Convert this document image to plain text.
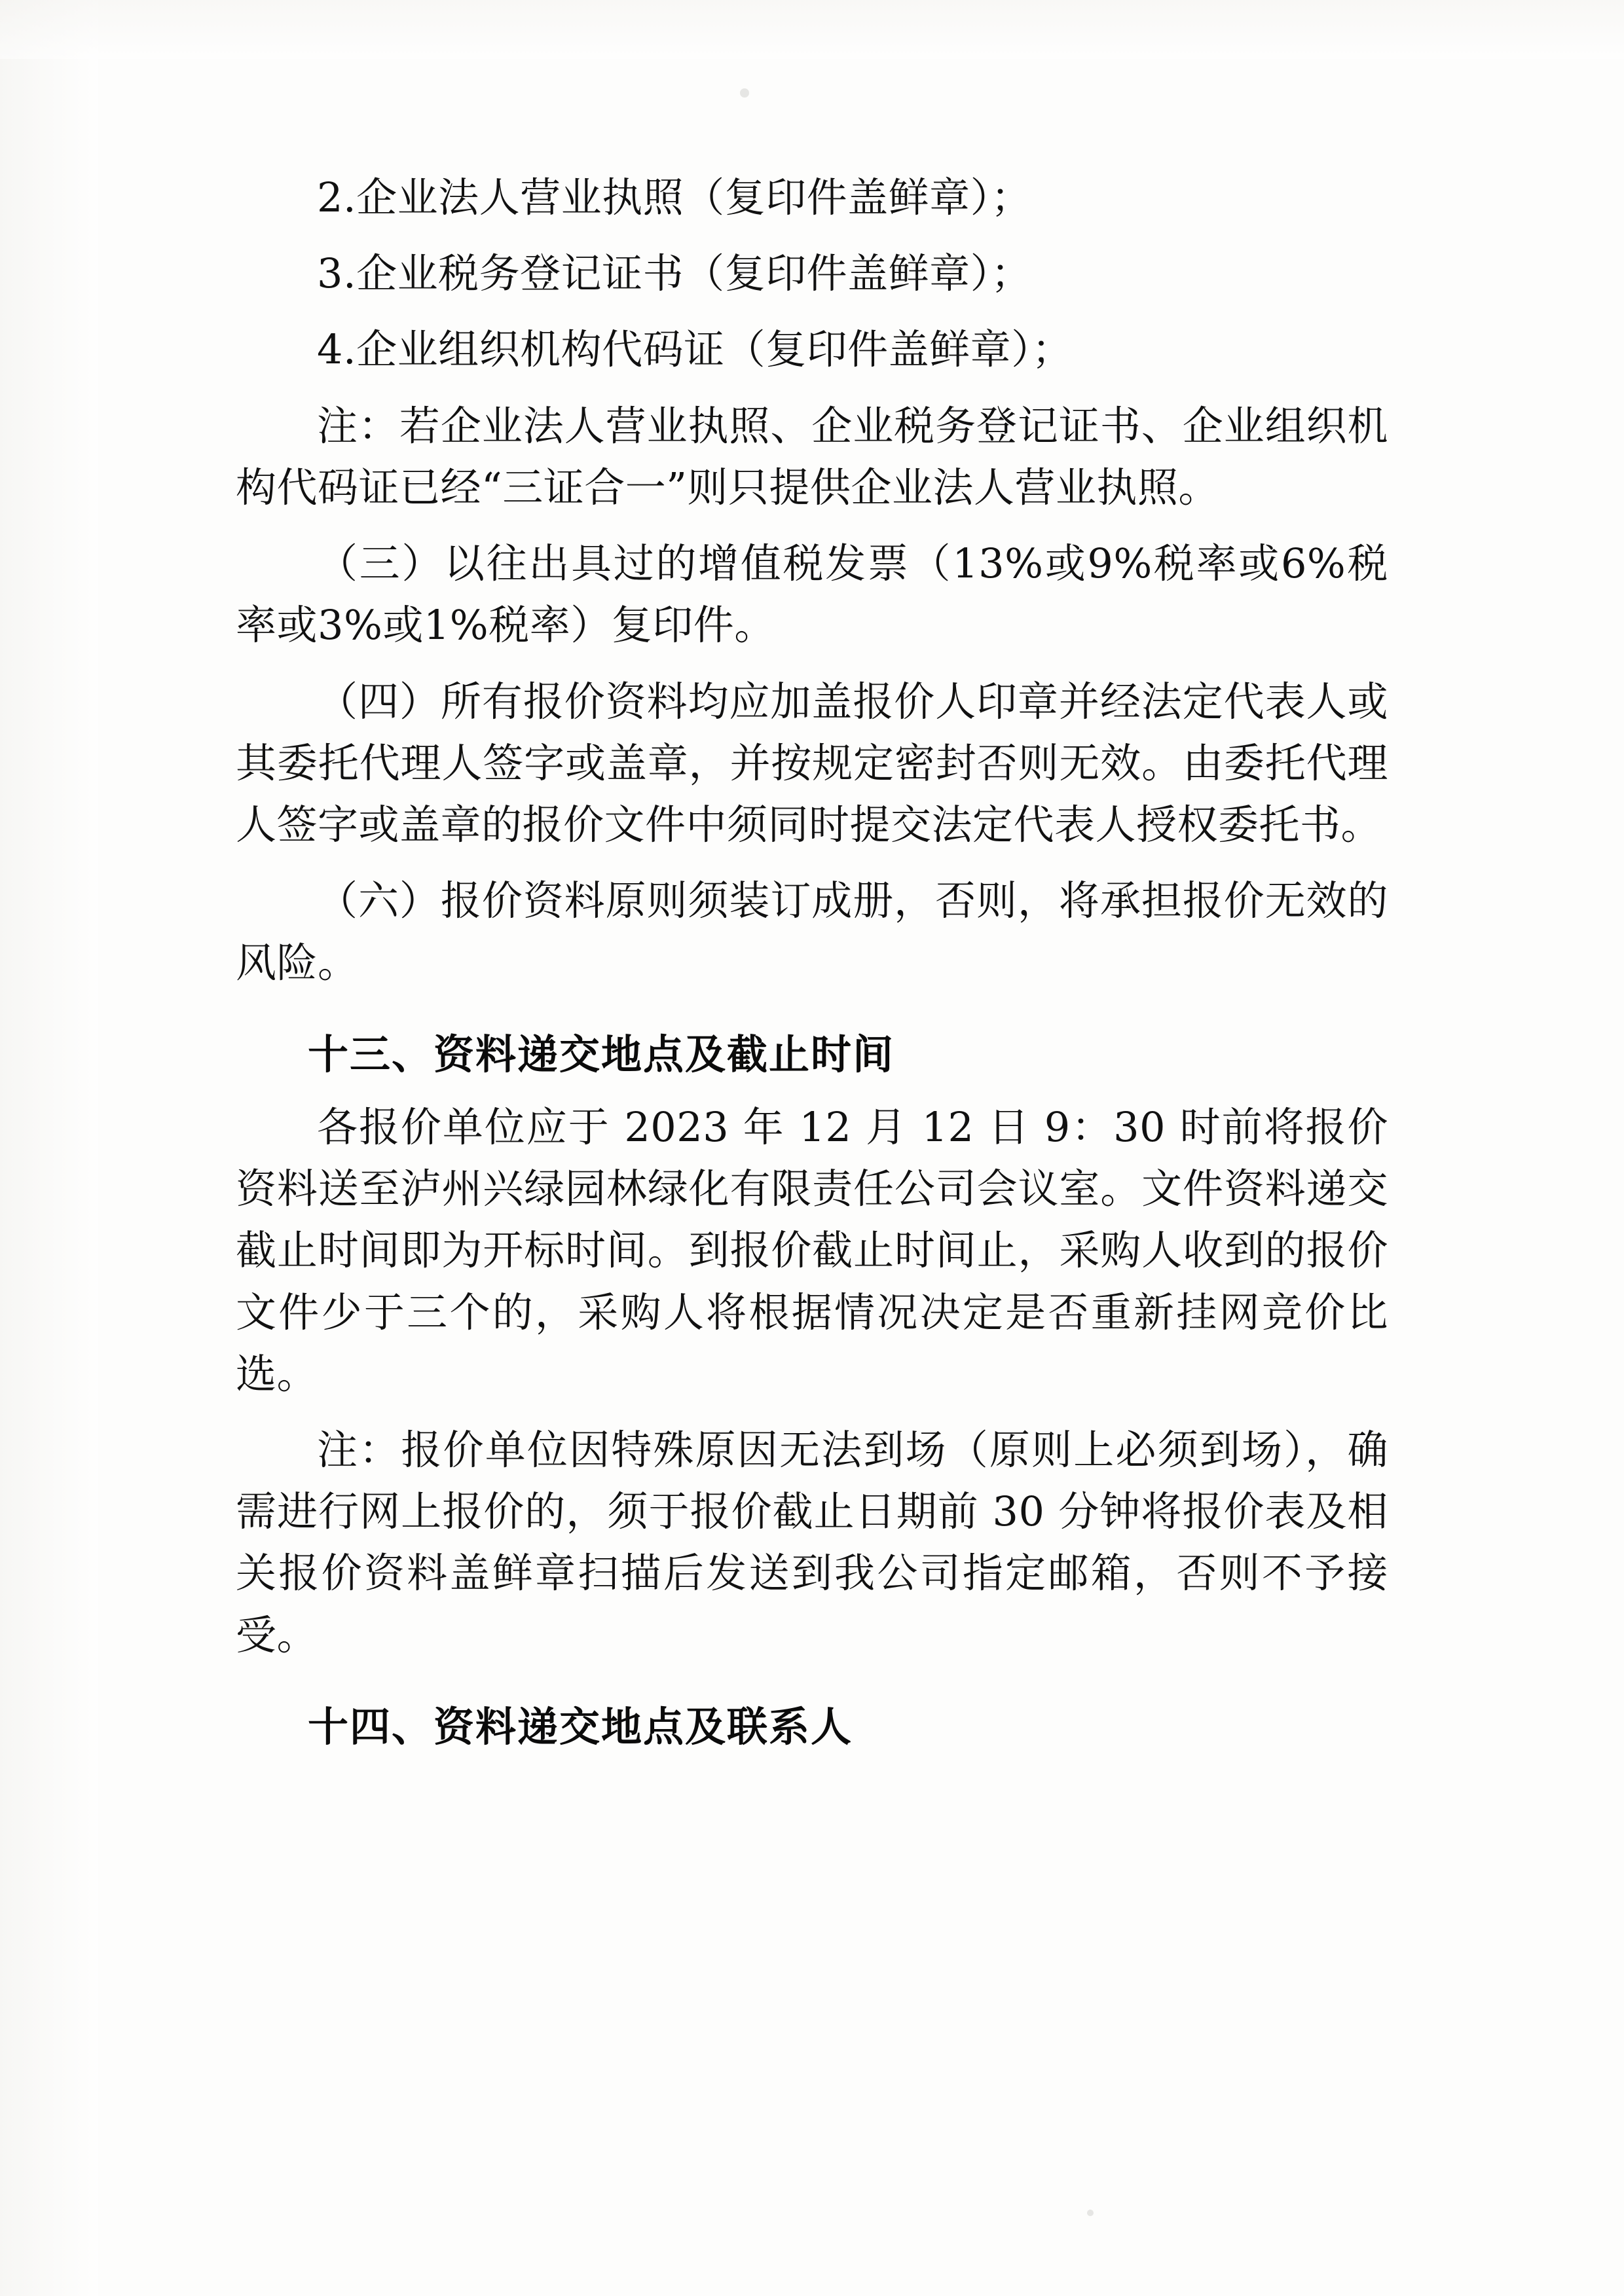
2.企业法人营业执照（复印件盖鲜章）；

3.企业税务登记证书（复印件盖鲜章）；

4.企业组织机构代码证（复印件盖鲜章）；

注：若企业法人营业执照、企业税务登记证书、企业组织机构代码证已经“三证合一”则只提供企业法人营业执照。

（三）以往出具过的增值税发票（13%或9%税率或6%税率或3%或1%税率）复印件。

（四）所有报价资料均应加盖报价人印章并经法定代表人或其委托代理人签字或盖章，并按规定密封否则无效。由委托代理人签字或盖章的报价文件中须同时提交法定代表人授权委托书。

（六）报价资料原则须装订成册，否则，将承担报价无效的风险。

十三、资料递交地点及截止时间

各报价单位应于 2023 年 12 月 12 日 9：30 时前将报价资料送至泸州兴绿园林绿化有限责任公司会议室。文件资料递交截止时间即为开标时间。到报价截止时间止，采购人收到的报价文件少于三个的，采购人将根据情况决定是否重新挂网竞价比选。

注：报价单位因特殊原因无法到场（原则上必须到场），确需进行网上报价的，须于报价截止日期前 30 分钟将报价表及相关报价资料盖鲜章扫描后发送到我公司指定邮箱，否则不予接受。

十四、资料递交地点及联系人
